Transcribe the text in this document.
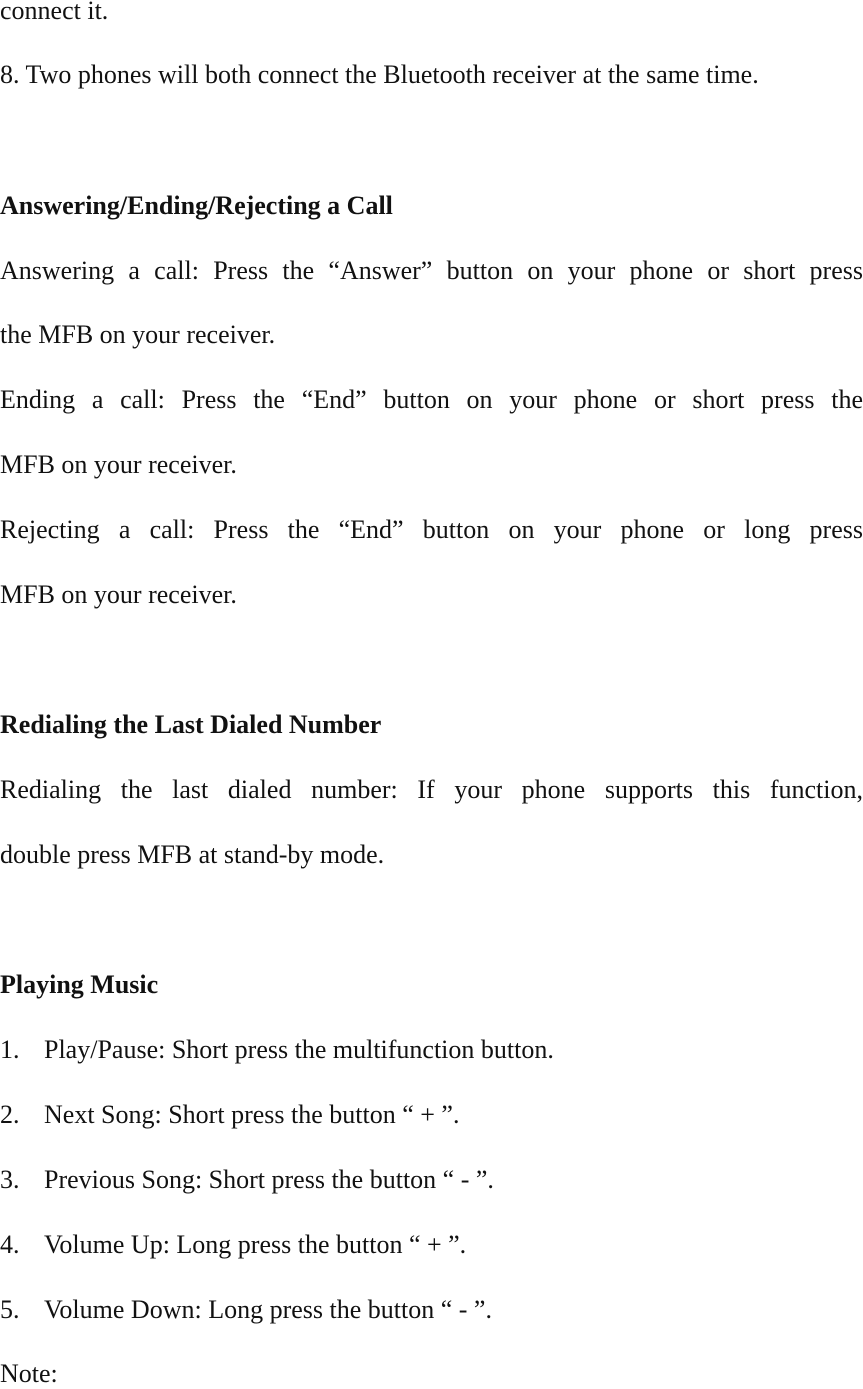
connect it.

8. Two phones will both connect the Bluetooth receiver at the same time.

Answering/Ending/Rejecting a Call

Answering a call: Press the “Answer” button on your phone or short press

the MFB on your receiver.

Ending a call: Press the “End” button on your phone or short press the

MFB on your receiver.

Rejecting a call: Press the “End” button on your phone or long press

MFB on your receiver.

Redialing the Last Dialed Number

Redialing the last dialed number: If your phone supports this function,

double press MFB at stand-by mode.

Playing Music

1. Play/Pause: Short press the multifunction button.

2. Next Song: Short press the button “ + ”.

3. Previous Song: Short press the button “ - ”.

4. Volume Up: Long press the button “ + ”.

5. Volume Down: Long press the button “ - ”.

Note:
